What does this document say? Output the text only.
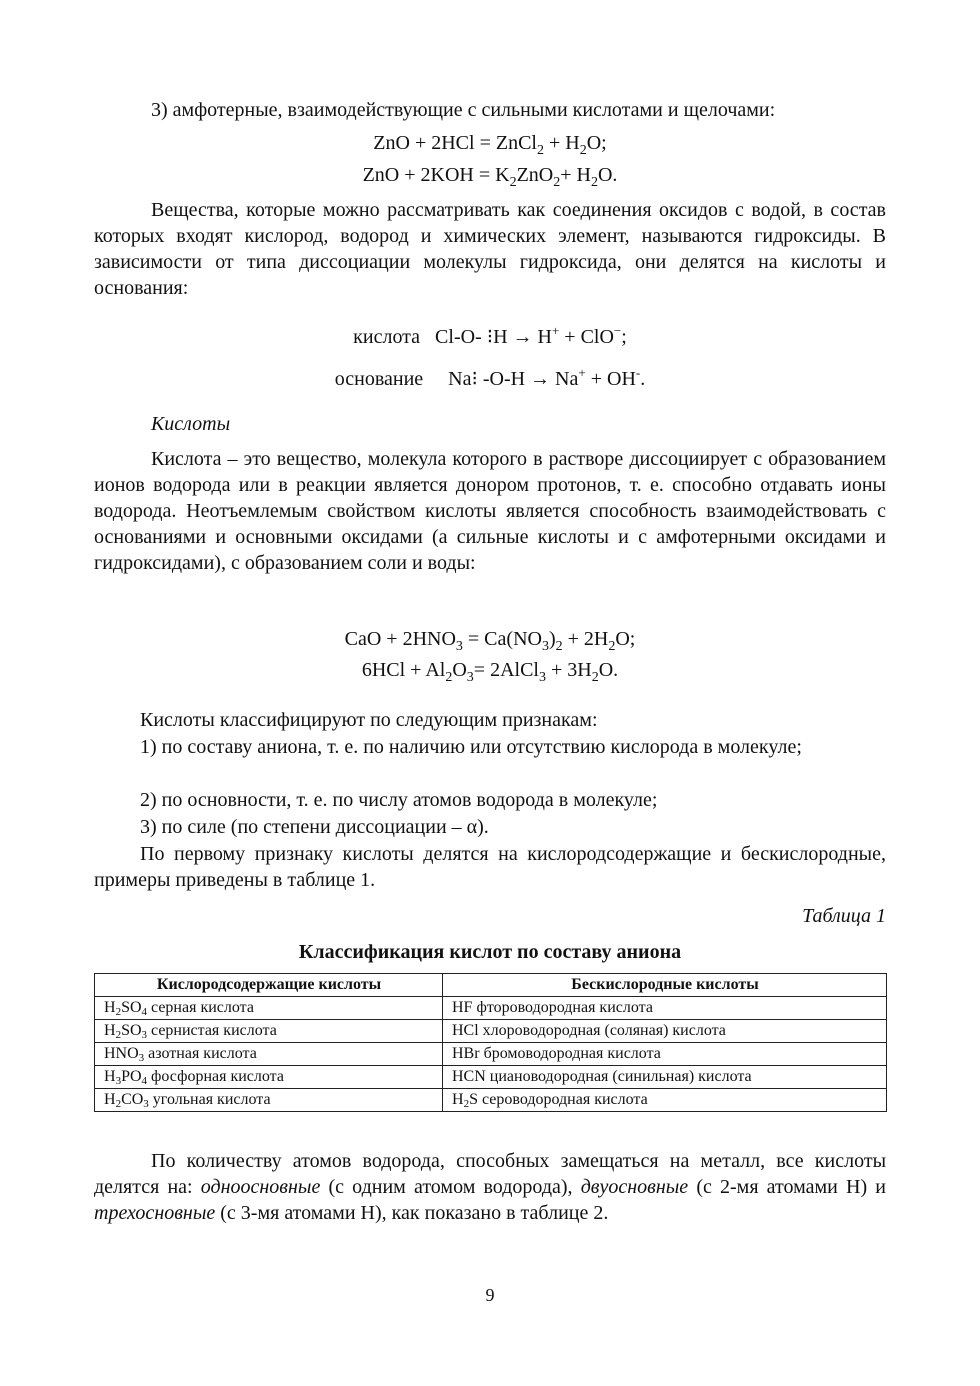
3) амфотерные, взаимодействующие с сильными кислотами и щелочами:
ZnO + 2HCl = ZnCl$_2$ + $H_2O$;
ZnO + $2KOH = K_2ZnO_2+ H_2O$.
Вещества, которые можно рассматривать как соединения оксидов с водой, в состав которых входят кислород, водород и химических элемент, называются гидроксиды. В зависимости от типа диссоциации молекулы гидроксида, они делятся на кислоты и основания:
кислота Cl-O- ⁝H → H+ + ClO−;
основание Na⁝ -O-H → Na+ + OH-.
Кислоты
Кислота – это вещество, молекула которого в растворе диссоциирует с образованием ионов водорода или в реакции является донором протонов, т. е. способно отдавать ионы водорода. Неотъемлемым свойством кислоты является способность взаимодействовать с основаниями и основными оксидами (а сильные кислоты и с амфотерными оксидами и гидроксидами), с образованием соли и воды:
CaO + $2HNO_3 = Ca(NO_3)_2 + 2H_2O$;
$6HCl + Al_2O_3=$ 2AlCl$_3$ + $3H_2O$.
Кислоты классифицируют по следующим признакам:
1) по составу аниона, т. е. по наличию или отсутствию кислорода в молекуле;
2) по основности, т. е. по числу атомов водорода в молекуле;
3) по силе (по степени диссоциации – α).
По первому признаку кислоты делятся на кислородсодержащие и бескислородные, примеры приведены в таблице 1.
Таблица 1
Классификация кислот по составу аниона
Кислородсодержащие кислоты	Бескислородные кислоты
$H_2SO_4$ серная кислота	HF фтороводородная кислота
$H_2SO_3$ сернистая кислота	HCl хлороводородная (соляная) кислота
$HNO_3$ азотная кислота	HBr бромоводородная кислота
$H_3PO_4$ фосфорная кислота	HCN циановодородная (синильная) кислота
$H_2CO_3$ угольная кислота	$H_2S$ сероводородная кислота
По количеству атомов водорода, способных замещаться на металл, все кислоты делятся на: одноосновные (с одним атомом водорода), двуосновные (с 2-мя атомами Н) и трехосновные (с 3-мя атомами Н), как показано в таблице 2.
9
